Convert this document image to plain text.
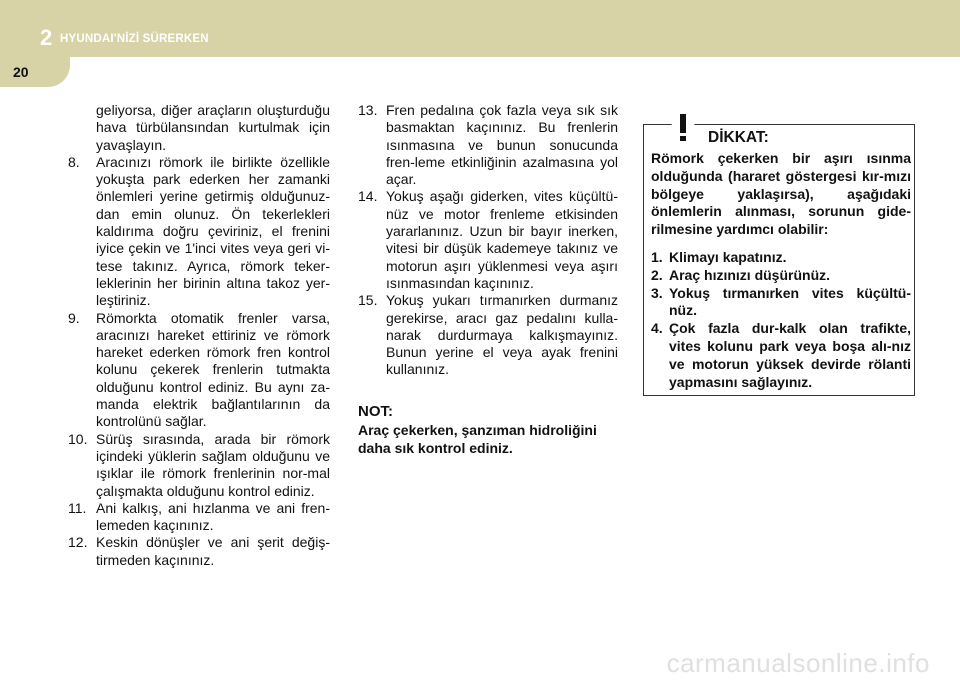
2 HYUNDAI'NİZİ SÜRERKEN
20
geliyorsa, diğer araçların oluşturduğu hava türbülansından kurtulmak için yavaşlayın.
8.	Aracınızı römork ile birlikte özellikle yokuşta park ederken her zamanki önlemleri yerine getirmiş olduğunuz-dan emin olunuz. Ön tekerlekleri kaldırıma doğru çeviriniz, el frenini iyice çekin ve 1'inci vites veya geri vi-tese takınız. Ayrıca, römork teker-leklerinin her birinin altına takoz yer-leştiriniz.
9.	Römorkta otomatik frenler varsa, aracınızı hareket ettiriniz ve römork hareket ederken römork fren kontrol kolunu çekerek frenlerin tutmakta olduğunu kontrol ediniz. Bu aynı za-manda elektrik bağlantılarının da kontrolünü sağlar.
10. Sürüş sırasında, arada bir römork içindeki yüklerin sağlam olduğunu ve ışıklar ile römork frenlerinin nor-mal çalışmakta olduğunu kontrol ediniz.
11. Ani kalkış, ani hızlanma ve ani fren-lemeden kaçınınız.
12. Keskin dönüşler ve ani şerit değiş-tirmeden kaçınınız.
13. Fren pedalına çok fazla veya sık sık basmaktan kaçınınız. Bu frenlerin ısınmasına ve bunun sonucunda fren-leme etkinliğinin azalmasına yol açar.
14. Yokuş aşağı giderken, vites küçültü-nüz ve motor frenleme etkisinden yararlanınız. Uzun bir bayır inerken, vitesi bir düşük kademeye takınız ve motorun aşırı yüklenmesi veya aşırı ısınmasından kaçınınız.
15. Yokuş yukarı tırmanırken durmanız gerekirse, aracı gaz pedalını kulla-narak durdurmaya kalkışmayınız. Bunun yerine el veya ayak frenini kullanınız.
NOT:
Araç çekerken, şanzıman hidroliğini daha sık kontrol ediniz.
DİKKAT:
Römork çekerken bir aşırı ısınma olduğunda (hararet göstergesi kır-mızı bölgeye yaklaşırsa), aşağıdaki önlemlerin alınması, sorunun gide-rilmesine yardımcı olabilir:
1. Klimayı kapatınız.
2. Araç hızınızı düşürünüz.
3. Yokuş tırmanırken vites küçültü-nüz.
4. Çok fazla dur-kalk olan trafikte, vites kolunu park veya boşa alı-nız ve motorun yüksek devirde rölanti yapmasını sağlayınız.
carmanualsonline.info
